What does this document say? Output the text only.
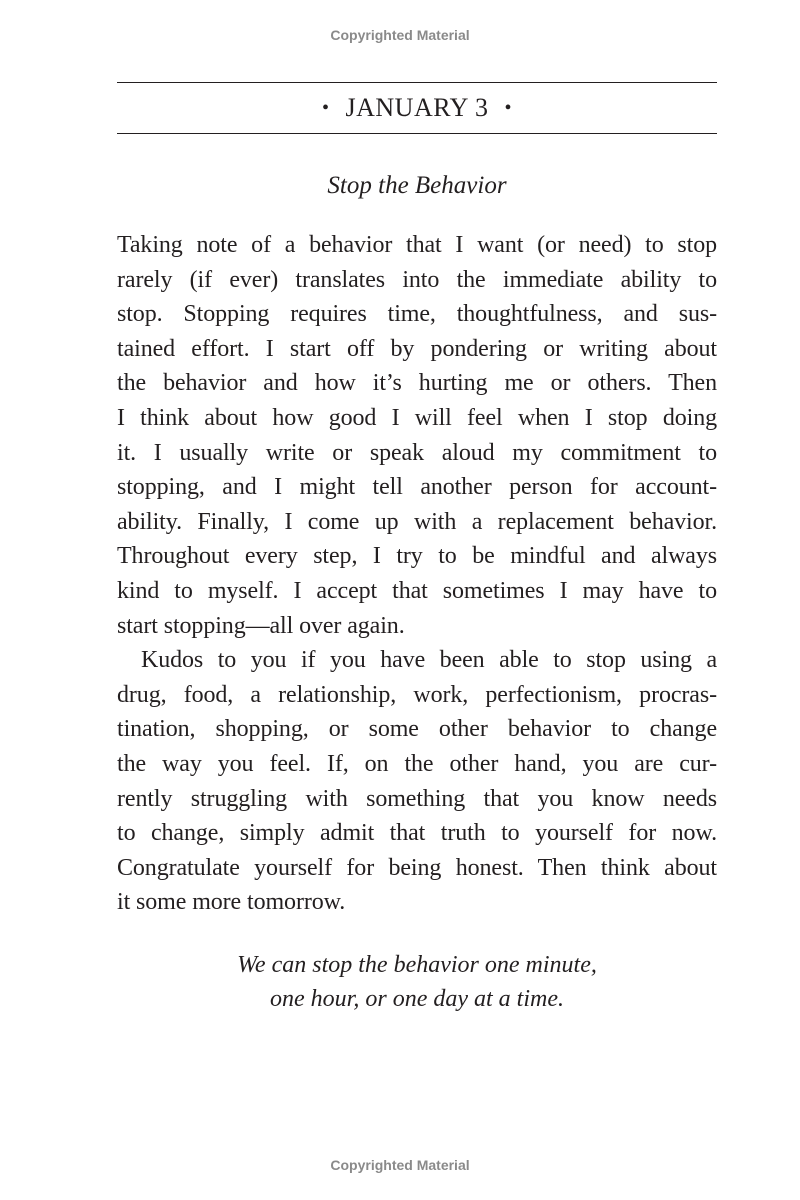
Copyrighted Material
• JANUARY 3 •
Stop the Behavior

Taking note of a behavior that I want (or need) to stop
rarely (if ever) translates into the immediate ability to
stop. Stopping requires time, thoughtfulness, and sus-
tained effort. I start off by pondering or writing about
the behavior and how it’s hurting me or others. Then
I think about how good I will feel when I stop doing
it. I usually write or speak aloud my commitment to
stopping, and I might tell another person for account-
ability. Finally, I come up with a replacement behavior.
Throughout every step, I try to be mindful and always
kind to myself. I accept that sometimes I may have to
start stopping—all over again.

Kudos to you if you have been able to stop using a
drug, food, a relationship, work, perfectionism, procras-
tination, shopping, or some other behavior to change
the way you feel. If, on the other hand, you are cur-
rently struggling with something that you know needs
to change, simply admit that truth to yourself for now.
Congratulate yourself for being honest. Then think about
it some more tomorrow.

We can stop the behavior one minute,
one hour, or one day at a time.
Copyrighted Material
